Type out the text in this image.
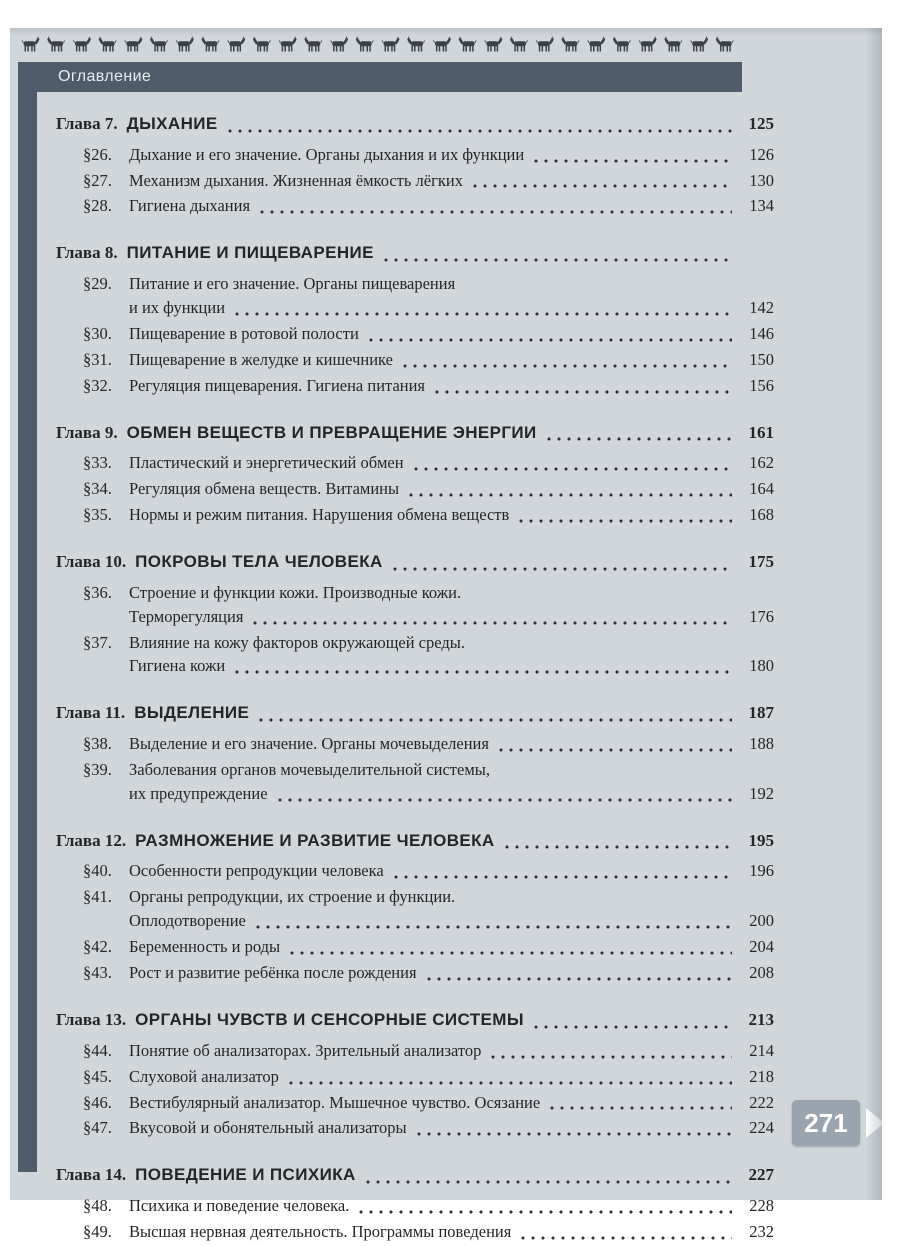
Оглавление
Глава 7. ДЫХАНИЕ	125
§26.	Дыхание и его значение. Органы дыхания и их функции	126
§27.	Механизм дыхания. Жизненная ёмкость лёгких	130
§28.	Гигиена дыхания	134
Глава 8. ПИТАНИЕ И ПИЩЕВАРЕНИЕ
§29.	Питание и его значение. Органы пищеварения
и их функции	142
§30.	Пищеварение в ротовой полости	146
§31.	Пищеварение в желудке и кишечнике	150
§32.	Регуляция пищеварения. Гигиена питания	156
Глава 9. ОБМЕН ВЕЩЕСТВ И ПРЕВРАЩЕНИЕ ЭНЕРГИИ	161
§33.	Пластический и энергетический обмен	162
§34.	Регуляция обмена веществ. Витамины	164
§35.	Нормы и режим питания. Нарушения обмена веществ	168
Глава 10. ПОКРОВЫ ТЕЛА ЧЕЛОВЕКА	175
§36.	Строение и функции кожи. Производные кожи.
Терморегуляция	176
§37.	Влияние на кожу факторов окружающей среды.
Гигиена кожи	180
Глава 11. ВЫДЕЛЕНИЕ	187
§38.	Выделение и его значение. Органы мочевыделения	188
§39.	Заболевания органов мочевыделительной системы,
их предупреждение	192
Глава 12. РАЗМНОЖЕНИЕ И РАЗВИТИЕ ЧЕЛОВЕКА	195
§40.	Особенности репродукции человека	196
§41.	Органы репродукции, их строение и функции.
Оплодотворение	200
§42.	Беременность и роды	204
§43.	Рост и развитие ребёнка после рождения	208
Глава 13. ОРГАНЫ ЧУВСТВ И СЕНСОРНЫЕ СИСТЕМЫ	213
§44.	Понятие об анализаторах. Зрительный анализатор	214
§45.	Слуховой анализатор	218
§46.	Вестибулярный анализатор. Мышечное чувство. Осязание	222
§47.	Вкусовой и обонятельный анализаторы	224
Глава 14. ПОВЕДЕНИЕ И ПСИХИКА	227
§48.	Психика и поведение человека.	228
§49.	Высшая нервная деятельность. Программы поведения	232
271
